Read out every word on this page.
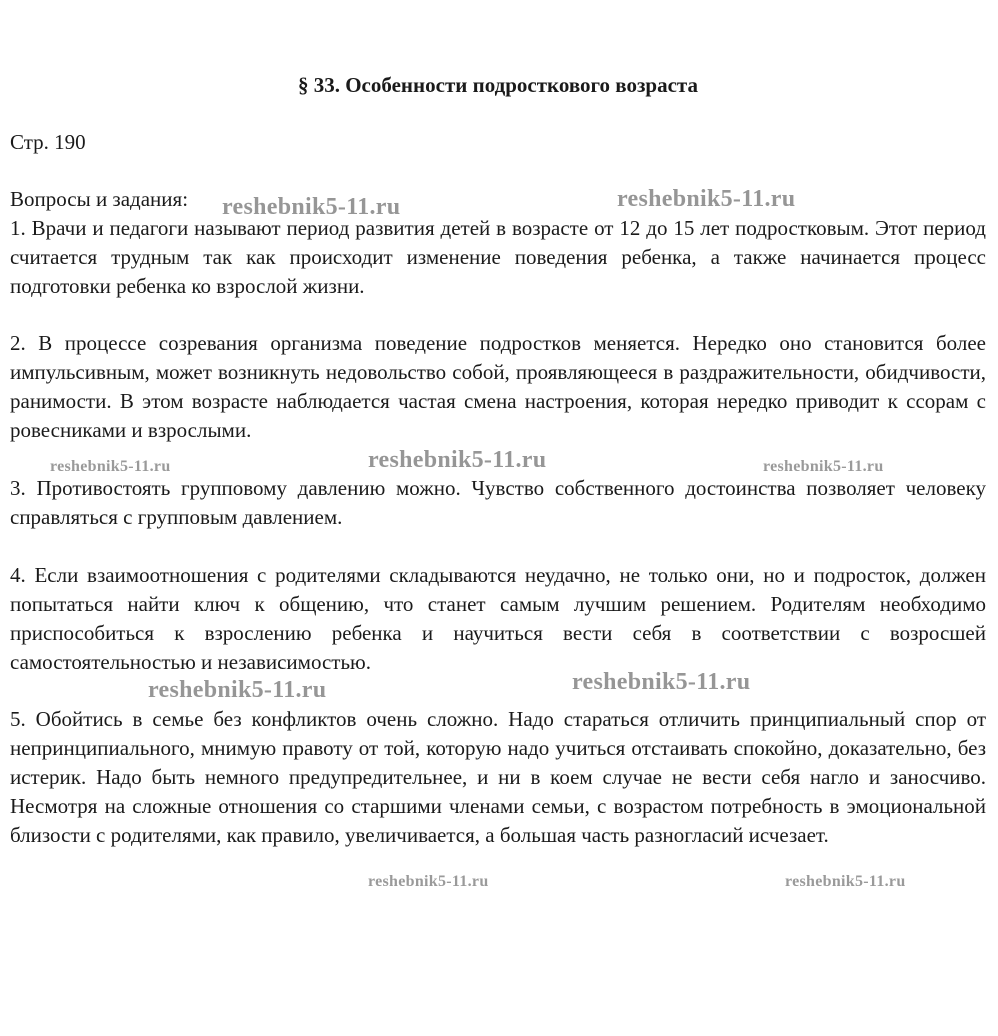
§ 33. Особенности подросткового возраста

Стр. 190

Вопросы и задания:

1. Врачи и педагоги называют период развития детей в возрасте от 12 до 15 лет подростковым. Этот период считается трудным так как происходит изменение поведения ребенка, а также начинается процесс подготовки ребенка ко взрослой жизни.

2. В процессе созревания организма поведение подростков меняется. Нередко оно становится более импульсивным, может возникнуть недовольство собой, проявляющееся в раздражительности, обидчивости, ранимости. В этом возрасте наблюдается частая смена настроения, которая нередко приводит к ссорам с ровесниками и взрослыми.

3. Противостоять групповому давлению можно. Чувство собственного достоинства позволяет человеку справляться с групповым давлением.

4. Если взаимоотношения с родителями складываются неудачно, не только они, но и подросток, должен попытаться найти ключ к общению, что станет самым лучшим решением. Родителям необходимо приспособиться к взрослению ребенка и научиться вести себя в соответствии с возросшей самостоятельностью и независимостью.

5. Обойтись в семье без конфликтов очень сложно. Надо стараться отличить принципиальный спор от непринципиального, мнимую правоту от той, которую надо учиться отстаивать спокойно, доказательно, без истерик. Надо быть немного предупредительнее, и ни в коем случае не вести себя нагло и заносчиво. Несмотря на сложные отношения со старшими членами семьи, с возрастом потребность в эмоциональной близости с родителями, как правило, увеличивается, а большая часть разногласий исчезает.

reshebnik5-11.ru	reshebnik5-11.ru
reshebnik5-11.ru	reshebnik5-11.ru	reshebnik5-11.ru
reshebnik5-11.ru	reshebnik5-11.ru
reshebnik5-11.ru	reshebnik5-11.ru
